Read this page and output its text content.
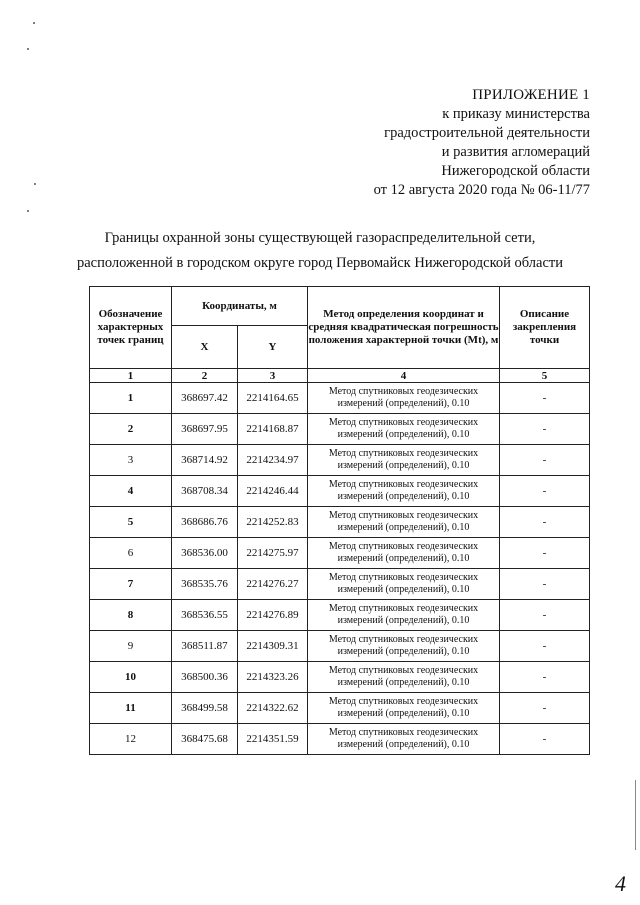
ПРИЛОЖЕНИЕ 1
к приказу министерства
градостроительной деятельности
и развития агломераций
Нижегородской области
от 12 августа 2020 года № 06-11/77
Границы охранной зоны существующей газораспределительной сети,
расположенной в городском округе город Первомайск Нижегородской области
Обозначение характерных точек границ	Координаты, м		Метод определения координат и средняя квадратическая погрешность положения характерной точки (Mt), м	Описание закрепления точки
	X	Y		
1	2	3	4	5
1	368697.42	2214164.65	Метод спутниковых геодезических измерений (определений), 0.10	-
2	368697.95	2214168.87	Метод спутниковых геодезических измерений (определений), 0.10	-
3	368714.92	2214234.97	Метод спутниковых геодезических измерений (определений), 0.10	-
4	368708.34	2214246.44	Метод спутниковых геодезических измерений (определений), 0.10	-
5	368686.76	2214252.83	Метод спутниковых геодезических измерений (определений), 0.10	-
6	368536.00	2214275.97	Метод спутниковых геодезических измерений (определений), 0.10	-
7	368535.76	2214276.27	Метод спутниковых геодезических измерений (определений), 0.10	-
8	368536.55	2214276.89	Метод спутниковых геодезических измерений (определений), 0.10	-
9	368511.87	2214309.31	Метод спутниковых геодезических измерений (определений), 0.10	-
10	368500.36	2214323.26	Метод спутниковых геодезических измерений (определений), 0.10	-
11	368499.58	2214322.62	Метод спутниковых геодезических измерений (определений), 0.10	-
12	368475.68	2214351.59	Метод спутниковых геодезических измерений (определений), 0.10	-
4
